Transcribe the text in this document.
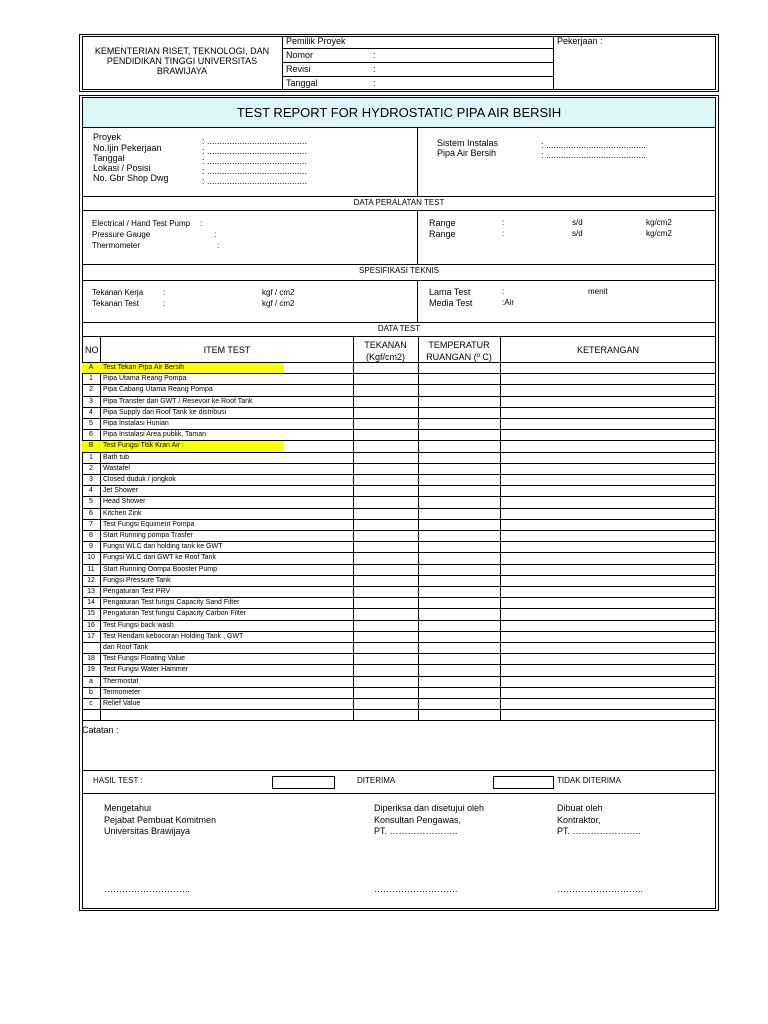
KEMENTERIAN RISET, TEKNOLOGI, DAN
PENDIDIKAN TINGGI UNIVERSITAS
BRAWIJAYA
Pemilik Proyek
Nomor	:
Revisi	:
Tanggal	:
Pekerjaan :
TEST REPORT FOR HYDROSTATIC PIPA AIR BERSIH
Proyek	: ........................................
No.Ijin Pekerjaan	: ........................................
Tanggal	: ........................................
Lokasi / Posisi	: ........................................
No. Gbr Shop Dwg	: ........................................
Sistem Instalas	: ........................................
Pipa Air Bersih	: ........................................
DATA PERALATAN TEST
Electrical / Hand Test Pump :
Pressure Gauge	:
Thermometer	:
Range	:	s/d	kg/cm2
Range	:	s/d	kg/cm2
SPESIFIKASI TEKNIS
Tekanan Kerja :	kgf / cm2
Tekanan Test	:	kgf / cm2
Lama Test	:	menit
Media Test	:Air
DATA TEST
NO	ITEM TEST	TEKANAN
(Kgf/cm2)
TEMPERATUR
RUANGAN (º C)
KETERANGAN
A	Test Tekan Pipa Air Bersih
1	Pipa Utama Reang Pompa
2	Pipa Cabang Utama Reang Pompa
3	Pipa Transfer dari GWT / Resevoir ke Roof Tank
4	Pipa Supply dari Roof Tank ke distribusi
5	Pipa Instalasi Hunian
6	Pipa Instalasi Area publik, Taman
B	Test Fungsi Titik Kran Air :
1	Bath tub
2	Wastafel
3	Closed duduk / jongkok
4	Jet Shower
5	Head Shower
6	Kitchen Zink
7	Test Fungsi Equiment Pompa
8	Start Running pompa Trasfer
9	Fungsi WLC dari holding tank ke GWT
10	Fungsi WLC dari GWT ke Roof Tank
11	Start Running Oompa Booster Pump
12	Fungsi Pressure Tank
13	Pengaturan Test PRV
14	Pengaturan Test fungsi Capacity Sand Filter
15	Pengaturan Test fungsi Capacity Carbon Filter
16	Test Fungsi back wash
17	Test Rendam kebocoran Holding Tank , GWT
dan Roof Tank
18	Test Fungsi Floating Value
19	Test Fungsi Water Hammer
a	Thermostat
b	Termometer
c	Relief Value
Catatan :
HASIL TEST :	DITERIMA	TIDAK DITERIMA
Mengetahui
Pejabat Pembuat Komitmen
Universitas Brawijaya
………………………..
Diperiksa dan disetujui oleh
Konsultan Pengawas,
PT. …………………..
……………………….
Dibuat oleh
Kontraktor,
PT. …………………..
………………………..
